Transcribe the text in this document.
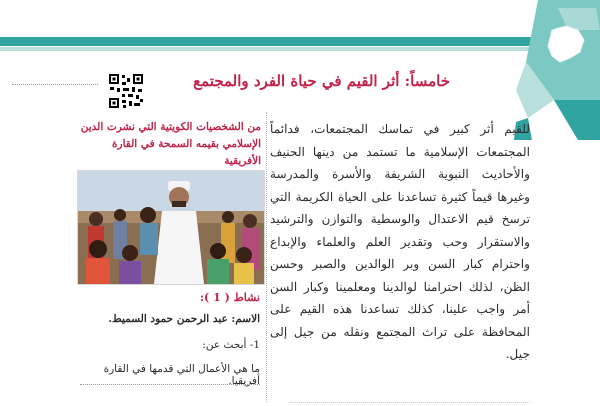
خامساً: أثر القيم في حياة الفرد والمجتمع
للقيم أثر كبير في تماسك المجتمعات، فدائماً المجتمعات الإسلامية ما تستمد من دينها الحنيف والأحاديث النبوية الشريفة والأسرة والمدرسة وغيرها قيماً كثيرة تساعدنا على الحياة الكريمة التي ترسخ قيم الاعتدال والوسطية والتوازن والترشيد والاستقرار وحب وتقدير العلم والعلماء والإبداع واحترام كبار السن وبر الوالدين والصبر وحسن الظن، لذلك احترامنا لوالدينا ومعلمينا وكبار السن أمر واجب علينا، كذلك تساعدنا هذه القيم على المحافظة على تراث المجتمع ونقله من جيل إلى جيل.
من الشخصيات الكويتية التي نشرت الدين الإسلامي بقيمه السمحة في القارة الأفريقية
نشاط ( 1 ):
الاسم: عبد الرحمن حمود السميط.
1- أبحث عن:
ما هي الأعمال التي قدمها في القارة أفريقيا.
